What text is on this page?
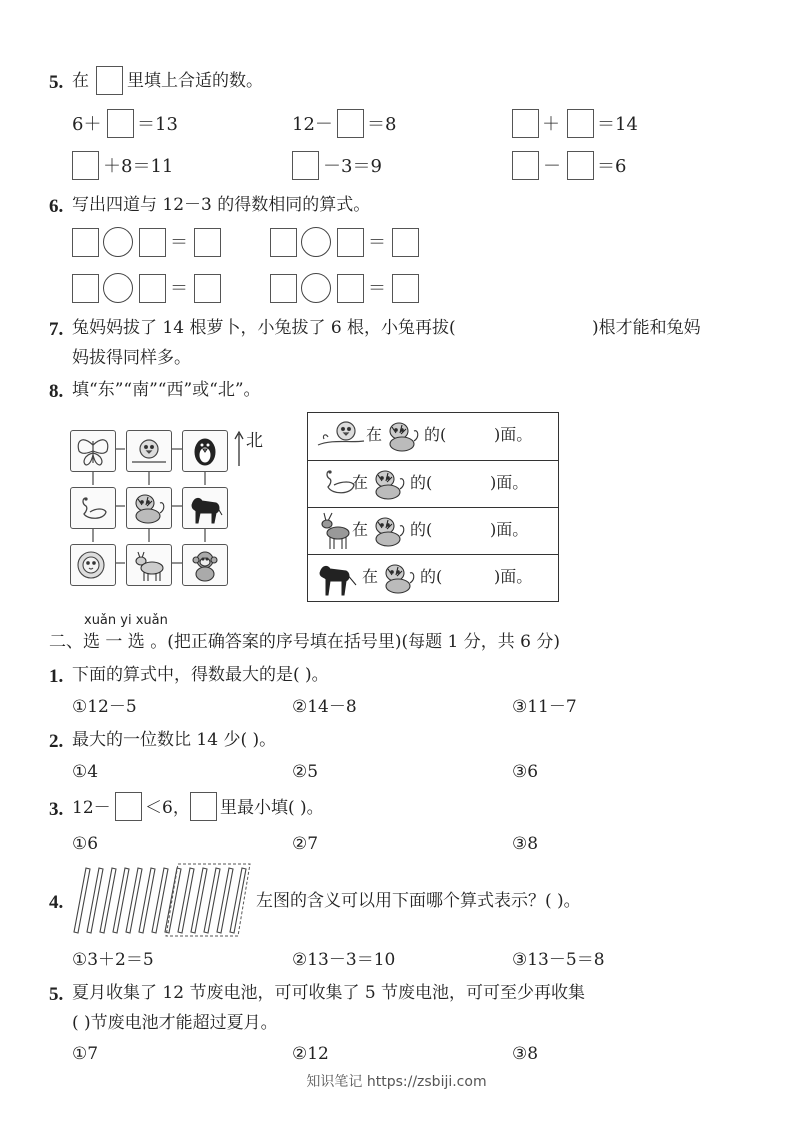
5. 在 里填上合适的数。
6＋ ＝13	12－ ＝8	＋ ＝14
＋8＝11	－3＝9	－ ＝6
6. 写出四道与 12－3 的得数相同的算式。
＝	＝
＝	＝
7. 兔妈妈拔了 14 根萝卜，小兔拔了 6 根，小兔再拔(	)根才能和兔妈
妈拔得同样多。
8. 填“东”“南”“西”或“北”。
北	在	的(	)面。
在	的(	)面。
在	的(	)面。
在	的(	)面。
xuǎn yi xuǎn
二、选 一 选 。(把正确答案的序号填在括号里)(每题 1 分，共 6 分)
1. 下面的算式中，得数最大的是( )。
①12－5	②14－8	③11－7
2. 最大的一位数比 14 少( )。
①4	②5	③6
3. 12－ ＜6， 里最小填( )。
①6	②7	③8
4.	左图的含义可以用下面哪个算式表示？( )。
①3＋2＝5	②13－3＝10	③13－5＝8
5. 夏月收集了 12 节废电池，可可收集了 5 节废电池，可可至少再收集
( )节废电池才能超过夏月。
①7	②12	③8
知识笔记 https://zsbiji.com
